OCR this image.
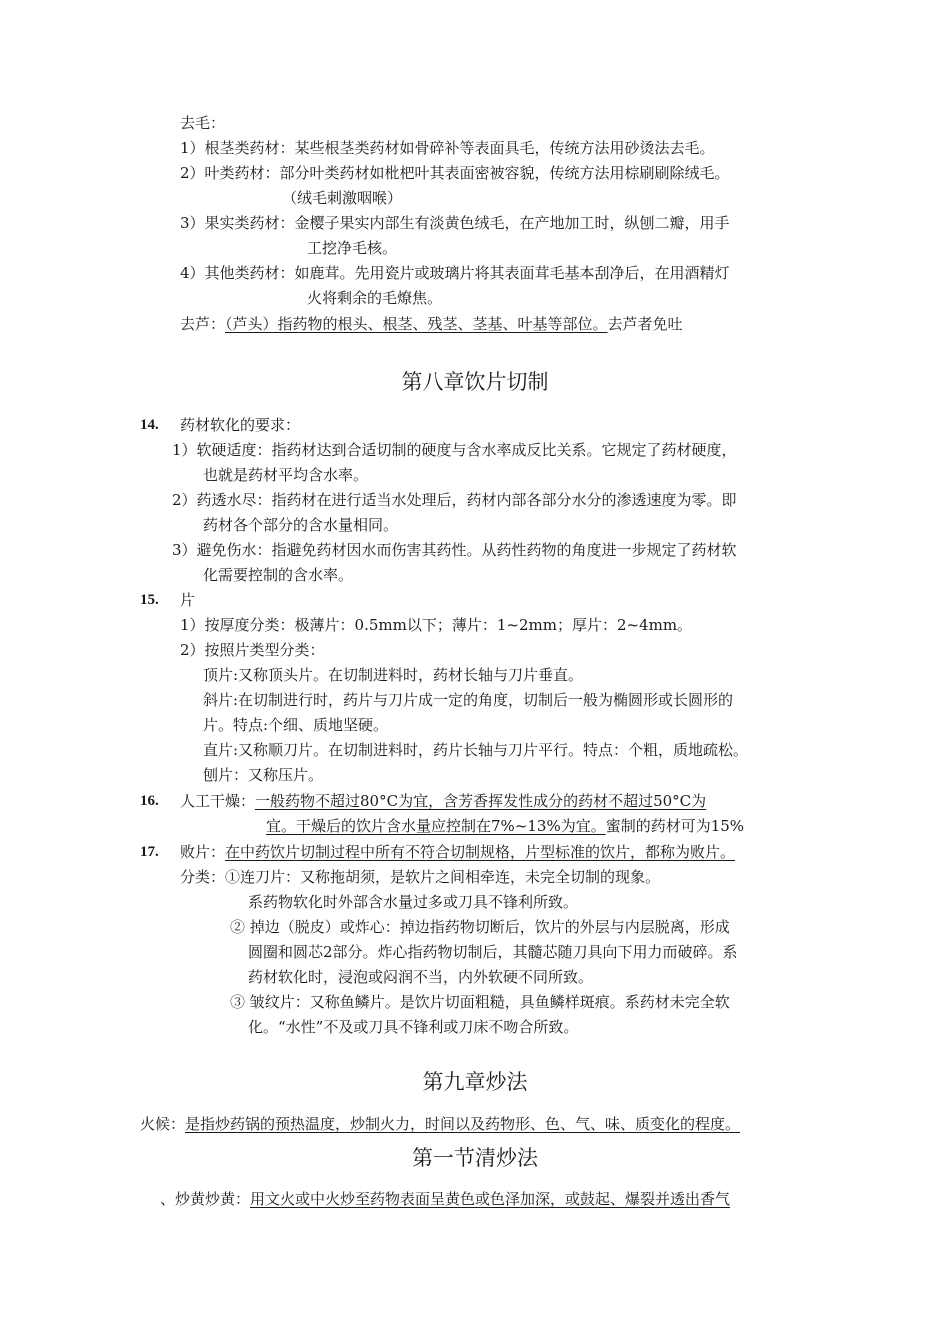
去毛：
1）根茎类药材：某些根茎类药材如骨碎补等表面具毛，传统方法用砂烫法去毛。
2）叶类药材：部分叶类药材如枇杷叶其表面密被容貌，传统方法用棕刷刷除绒毛。
（绒毛刺激咽喉）
3）果实类药材：金樱子果实内部生有淡黄色绒毛，在产地加工时，纵刨二瓣，用手
工挖净毛核。
4）其他类药材：如鹿茸。先用瓷片或玻璃片将其表面茸毛基本刮净后，在用酒精灯
火将剩余的毛燎焦。
去芦：（芦头）指药物的根头、根茎、残茎、茎基、叶基等部位。去芦者免吐
第八章饮片切制
14. 药材软化的要求：
1）软硬适度：指药材达到合适切制的硬度与含水率成反比关系。它规定了药材硬度，
也就是药材平均含水率。
2）药透水尽：指药材在进行适当水处理后，药材内部各部分水分的渗透速度为零。即
药材各个部分的含水量相同。
3）避免伤水：指避免药材因水而伤害其药性。从药性药物的角度进一步规定了药材软
化需要控制的含水率。
15. 片
1）按厚度分类：极薄片：0.5mm以下；薄片：1~2mm；厚片：2~4mm。
2）按照片类型分类：
顶片:又称顶头片。在切制进料时，药材长轴与刀片垂直。
斜片:在切制进行时，药片与刀片成一定的角度，切制后一般为椭圆形或长圆形的
片。特点:个细、质地坚硬。
直片:又称顺刀片。在切制进料时，药片长轴与刀片平行。特点：个粗，质地疏松。
刨片：又称压片。
16. 人工干燥：一般药物不超过80°C为宜，含芳香挥发性成分的药材不超过50°C为
宜。干燥后的饮片含水量应控制在7%~13%为宜。蜜制的药材可为15%
17. 败片：在中药饮片切制过程中所有不符合切制规格，片型标准的饮片，都称为败片。
分类：①连刀片：又称拖胡须，是软片之间相牵连，未完全切制的现象。
系药物软化时外部含水量过多或刀具不锋利所致。
② 掉边（脱皮）或炸心：掉边指药物切断后，饮片的外层与内层脱离，形成
圆圈和圆芯2部分。炸心指药物切制后，其髓芯随刀具向下用力而破碎。系
药材软化时，浸泡或闷润不当，内外软硬不同所致。
③ 皱纹片：又称鱼鳞片。是饮片切面粗糙，具鱼鳞样斑痕。系药材未完全软
化。“水性”不及或刀具不锋利或刀床不吻合所致。
第九章炒法
火候：是指炒药锅的预热温度，炒制火力，时间以及药物形、色、气、味、质变化的程度。
第一节清炒法
、炒黄炒黄：用文火或中火炒至药物表面呈黄色或色泽加深，或鼓起、爆裂并透出香气
